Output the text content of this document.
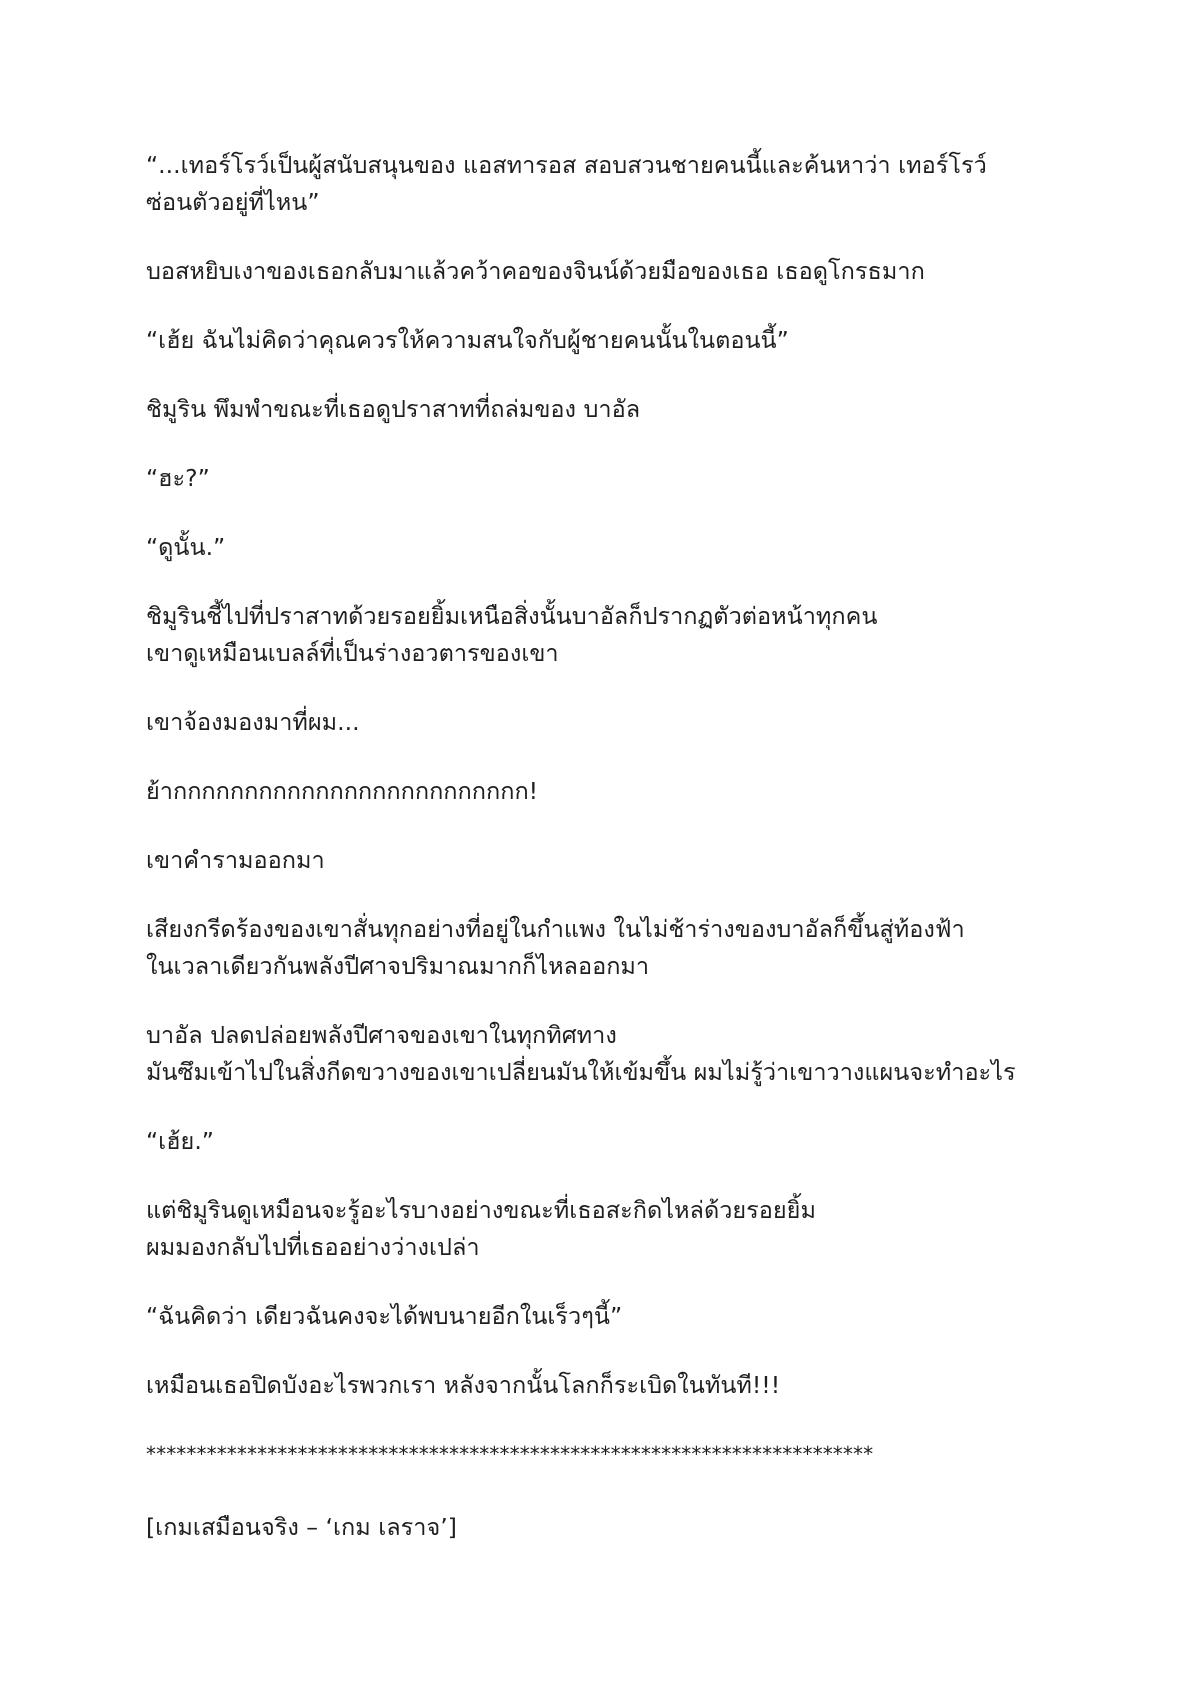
“...เทอร์โรว์เป็นผู้สนับสนุนของ แอสทารอส สอบสวนชายคนนี้และค้นหาว่า เทอร์โรว์
ซ่อนตัวอยู่ที่ไหน”

บอสหยิบเงาของเธอกลับมาแล้วคว้าคอของจินน์ด้วยมือของเธอ เธอดูโกรธมาก

“เฮ้ย ฉันไม่คิดว่าคุณควรให้ความสนใจกับผู้ชายคนนั้นในตอนนี้”

ชิมูริน พึมพำขณะที่เธอดูปราสาทที่ถล่มของ บาอัล

“ฮะ?”

“ดูนั้น.”

ชิมูรินชี้ไปที่ปราสาทด้วยรอยยิ้มเหนือสิ่งนั้นบาอัลก็ปรากฏตัวต่อหน้าทุกคน
เขาดูเหมือนเบลล์ที่เป็นร่างอวตารของเขา

เขาจ้องมองมาที่ผม...

ย้ากกกกกกกกกกกกกกกกกกกกกกกกก!

เขาคำรามออกมา

เสียงกรีดร้องของเขาสั่นทุกอย่างที่อยู่ในกำแพง ในไม่ช้าร่างของบาอัลก็ขึ้นสู่ท้องฟ้า
ในเวลาเดียวกันพลังปีศาจปริมาณมากก็ไหลออกมา

บาอัล ปลดปล่อยพลังปีศาจของเขาในทุกทิศทาง
มันซึมเข้าไปในสิ่งกีดขวางของเขาเปลี่ยนมันให้เข้มขึ้น ผมไม่รู้ว่าเขาวางแผนจะทำอะไร

“เฮ้ย.”

แต่ชิมูรินดูเหมือนจะรู้อะไรบางอย่างขณะที่เธอสะกิดไหล่ด้วยรอยยิ้ม
ผมมองกลับไปที่เธออย่างว่างเปล่า

“ฉันคิดว่า เดียวฉันคงจะได้พบนายอีกในเร็วๆนี้”

เหมือนเธอปิดบังอะไรพวกเรา หลังจากนั้นโลกก็ระเบิดในทันที!!!

************************************************************************

[เกมเสมือนจริง – ‘เกม เลราจ’]
